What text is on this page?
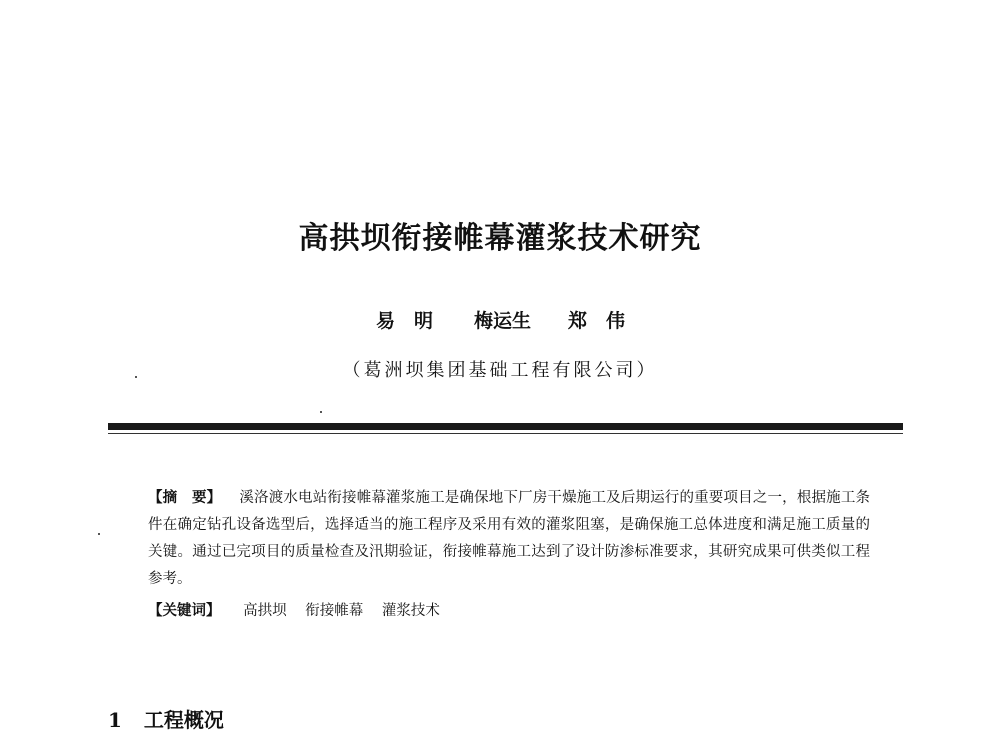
高拱坝衔接帷幕灌浆技术研究
易　明 梅运生 郑　伟
（葛洲坝集团基础工程有限公司）
【摘　要】 溪洛渡水电站衔接帷幕灌浆施工是确保地下厂房干燥施工及后期运行的重要项目之一，根据施工条件在确定钻孔设备选型后，选择适当的施工程序及采用有效的灌浆阻塞，是确保施工总体进度和满足施工质量的关键。通过已完项目的质量检查及汛期验证，衔接帷幕施工达到了设计防渗标准要求，其研究成果可供类似工程参考。
【关键词】 高拱坝 衔接帷幕 灌浆技术
1 工程概况
